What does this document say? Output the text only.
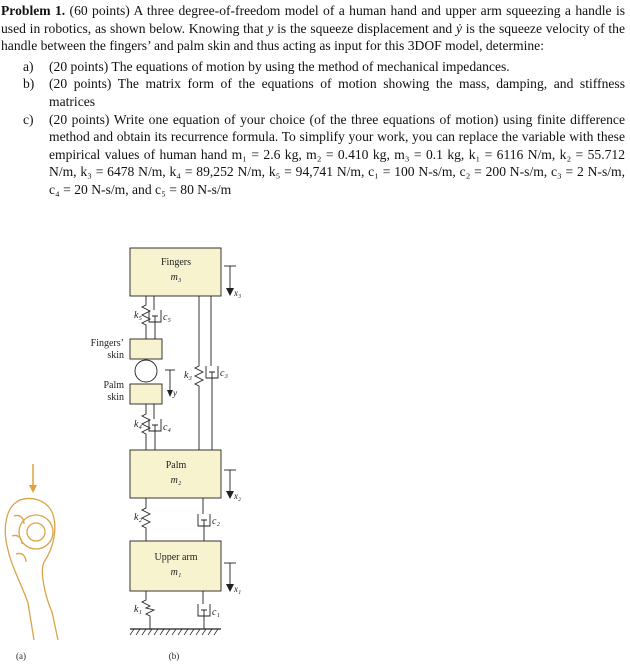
Problem 1. (60 points) A three degree-of-freedom model of a human hand and upper arm squeezing a handle is used in robotics, as shown below. Knowing that y is the squeeze displacement and ẏ is the squeeze velocity of the handle between the fingers’ and palm skin and thus acting as input for this 3DOF model, determine:

a) (20 points) The equations of motion by using the method of mechanical impedances.
b) (20 points) The matrix form of the equations of motion showing the mass, damping, and stiffness matrices
c) (20 points) Write one equation of your choice (of the three equations of motion) using finite difference method and obtain its recurrence formula. To simplify your work, you can replace the variable with these empirical values of human hand m₁ = 2.6 kg, m₂ = 0.410 kg, m₃ = 0.1 kg, k₁ = 6116 N/m, k₂ = 55.712 N/m, k₃ = 6478 N/m, k₄ = 89,252 N/m, k₅ = 94,741 N/m, c₁ = 100 N-s/m, c₂ = 200 N-s/m, c₃ = 2 N-s/m, c₄ = 20 N-s/m, and c₅ = 80 N-s/m
Fingers
m₃
Palm
m₂
Upper arm
m₁
Fingers’
skin
Palm
skin
k₅ c₅
k₄ c₄
k₃	c₃
k₂	c₂
k₁	c₁
x₃
x₂
x₁
y
(a)	(b)
